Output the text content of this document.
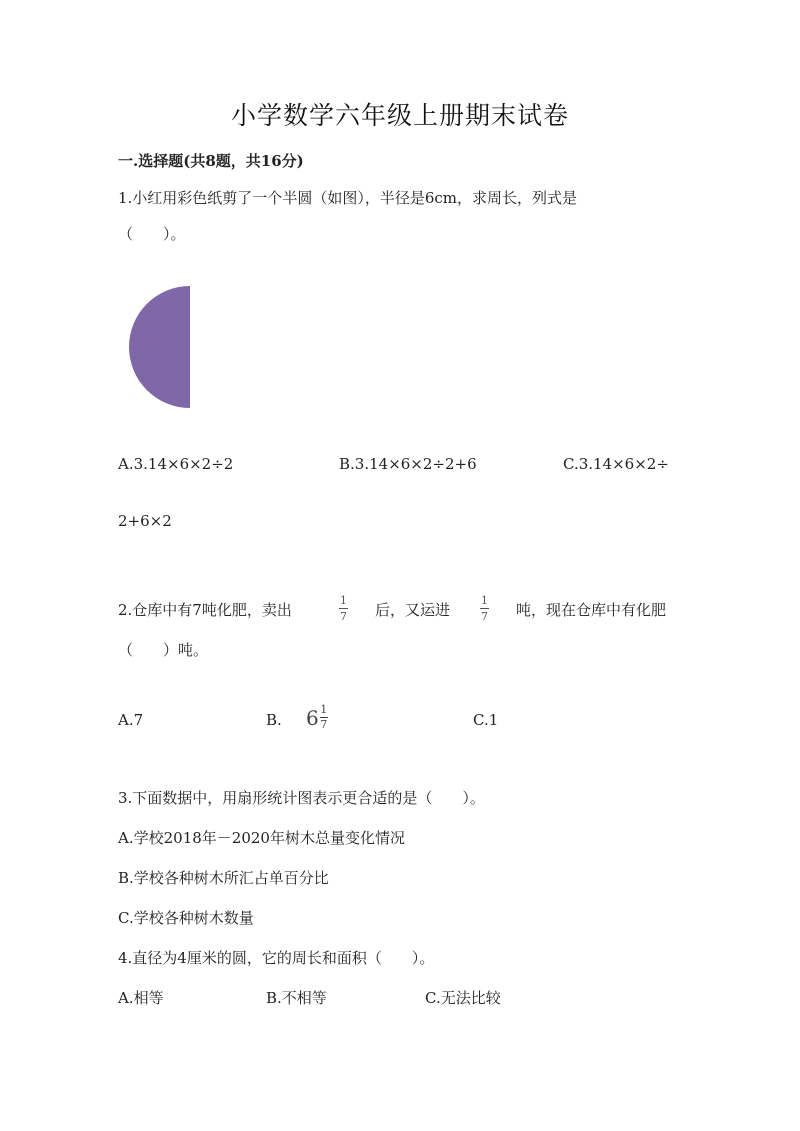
小学数学六年级上册期末试卷
一.选择题(共8题，共16分)
1.小红用彩色纸剪了一个半圆（如图），半径是6cm，求周长，列式是
（　　）。
A.3.14×6×2÷2	B.3.14×6×2÷2+6	C.3.14×6×2÷
2+6×2
2.仓库中有7吨化肥，卖出
1
7 后，又运进
1
7 吨，现在仓库中有化肥
（　　）吨。
A.7	B. 6 1
7	C.1
3.下面数据中，用扇形统计图表示更合适的是（　　）。
A.学校2018年－2020年树木总量变化情况
B.学校各种树木所汇占单百分比
C.学校各种树木数量
4.直径为4厘米的圆，它的周长和面积（　　）。
A.相等	B.不相等	C.无法比较
